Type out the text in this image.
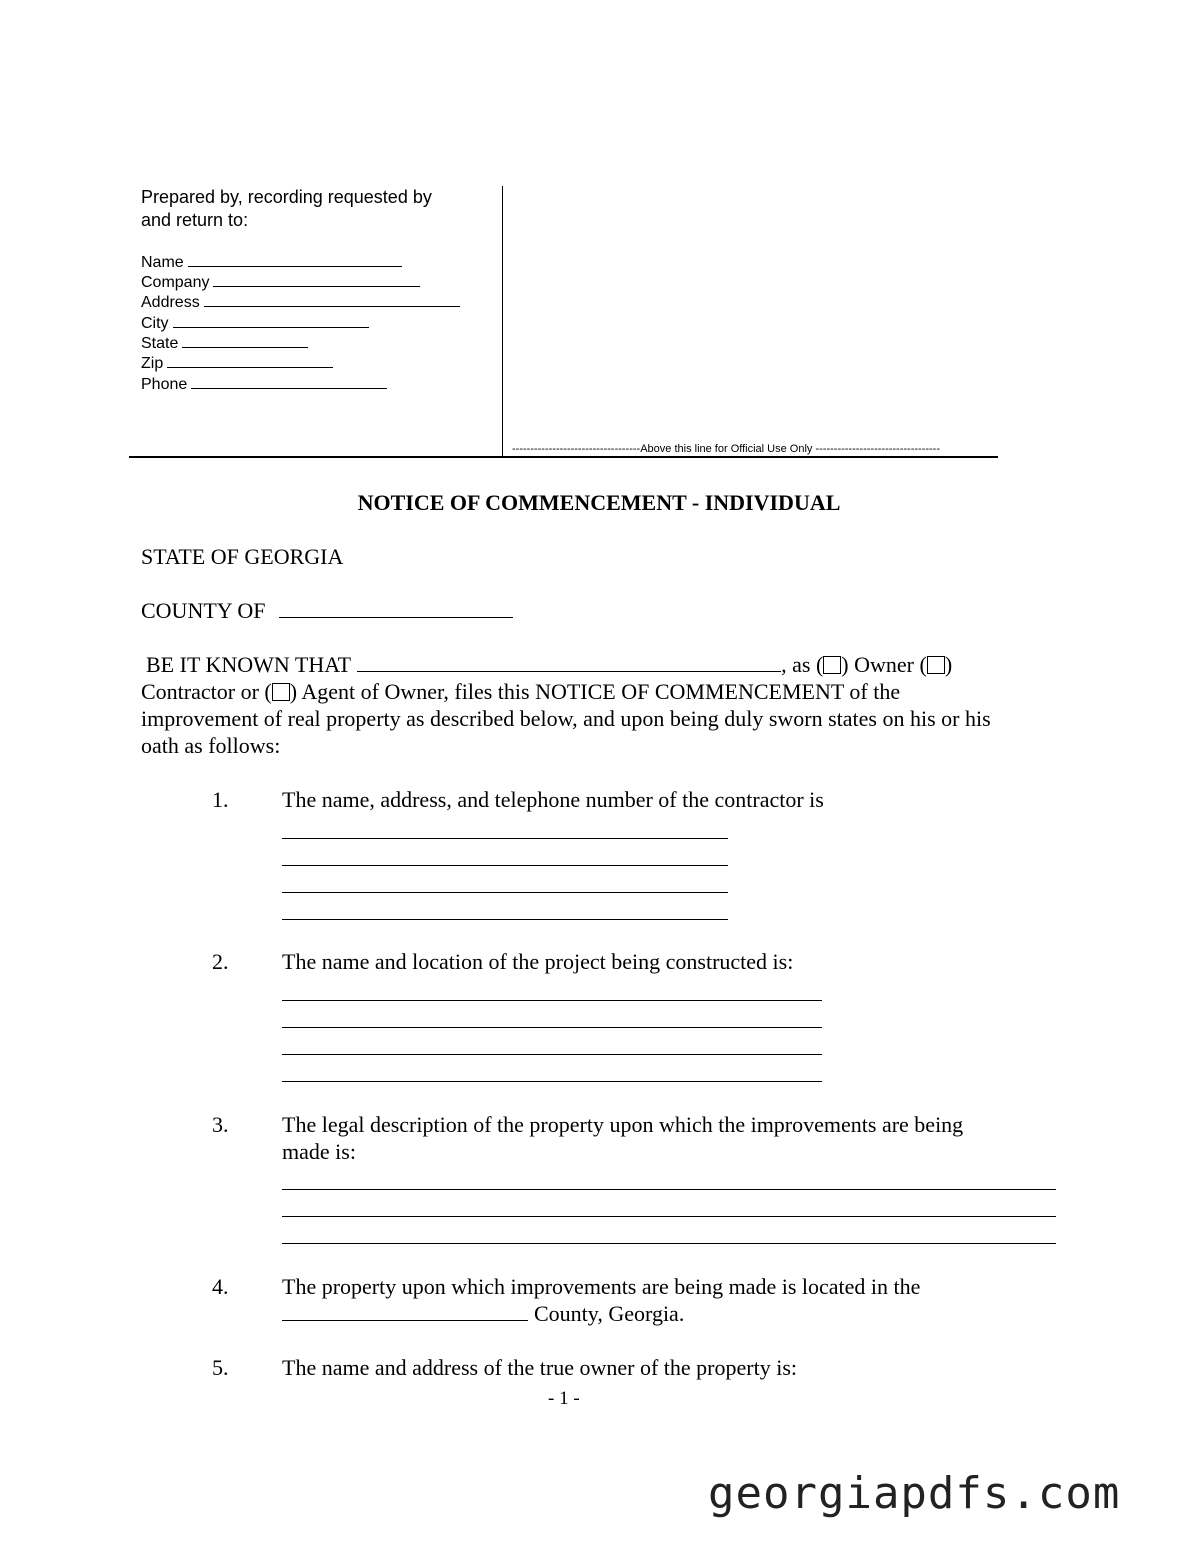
Prepared by, recording requested by
and return to:
Name
Company
Address
City
State
Zip
Phone
-----------------------------------Above this line for Official Use Only ----------------------------------
NOTICE OF COMMENCEMENT - INDIVIDUAL
STATE OF GEORGIA
COUNTY OF
BE IT KNOWN THAT	, as ( ) Owner ( )
Contractor or ( ) Agent of Owner, files this NOTICE OF COMMENCEMENT of the
improvement of real property as described below, and upon being duly sworn states on his or his
oath as follows:
1. The name, address, and telephone number of the contractor is
2. The name and location of the project being constructed is:
3. The legal description of the property upon which the improvements are being
made is:
4. The property upon which improvements are being made is located in the
County, Georgia.
5. The name and address of the true owner of the property is:
- 1 -
georgiapdfs.com
